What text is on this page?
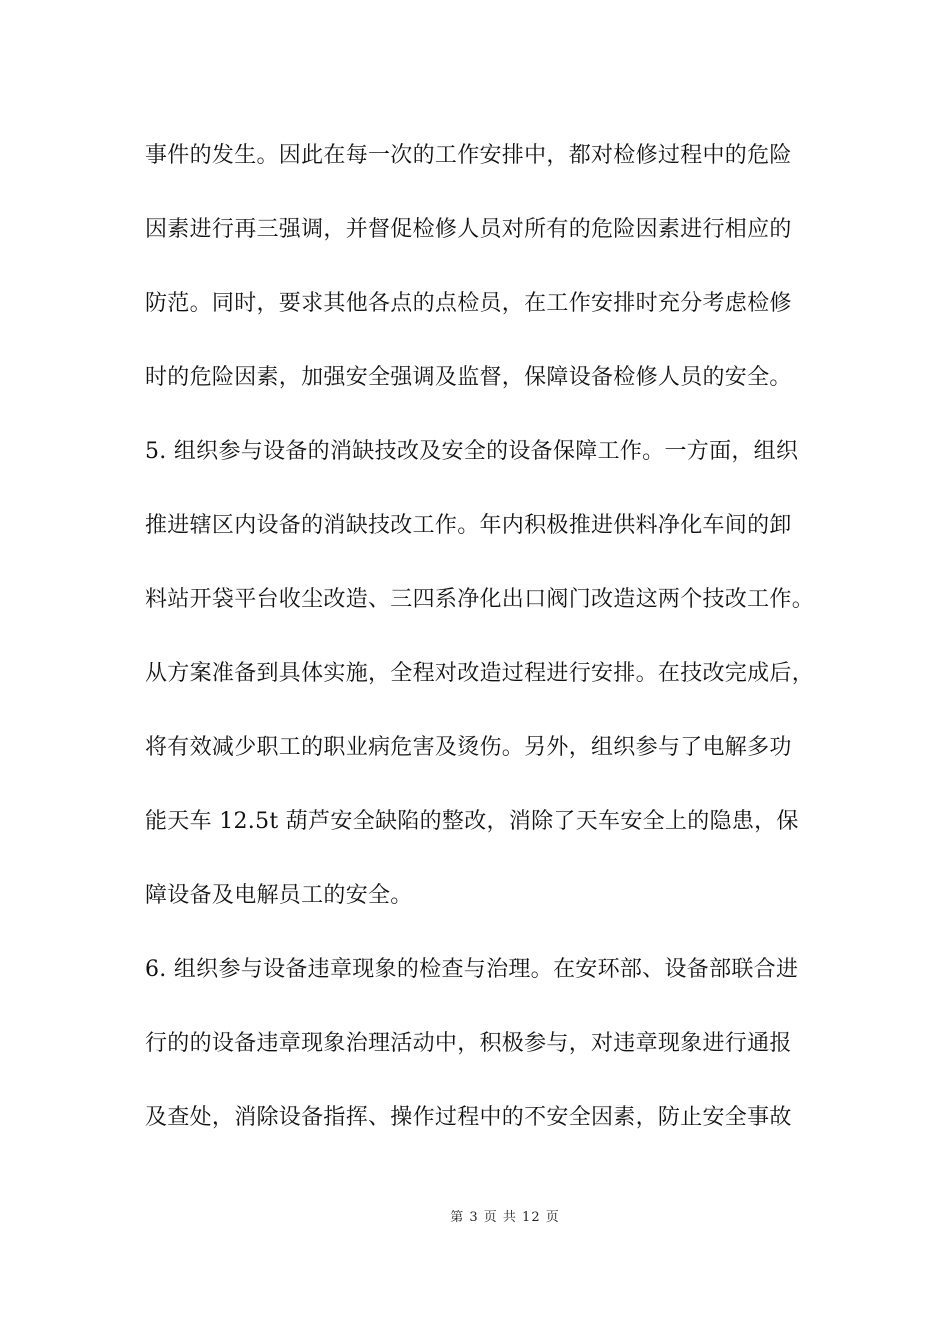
事件的发生。因此在每一次的工作安排中，都对检修过程中的危险
因素进行再三强调，并督促检修人员对所有的危险因素进行相应的
防范。同时，要求其他各点的点检员，在工作安排时充分考虑检修
时的危险因素，加强安全强调及监督，保障设备检修人员的安全。
5. 组织参与设备的消缺技改及安全的设备保障工作。一方面，组织
推进辖区内设备的消缺技改工作。年内积极推进供料净化车间的卸
料站开袋平台收尘改造、三四系净化出口阀门改造这两个技改工作。
从方案准备到具体实施，全程对改造过程进行安排。在技改完成后，
将有效减少职工的职业病危害及烫伤。另外，组织参与了电解多功
能天车 12.5t 葫芦安全缺陷的整改，消除了天车安全上的隐患，保
障设备及电解员工的安全。
6. 组织参与设备违章现象的检查与治理。在安环部、设备部联合进
行的的设备违章现象治理活动中，积极参与，对违章现象进行通报
及查处，消除设备指挥、操作过程中的不安全因素，防止安全事故
第 3 页 共 12 页
